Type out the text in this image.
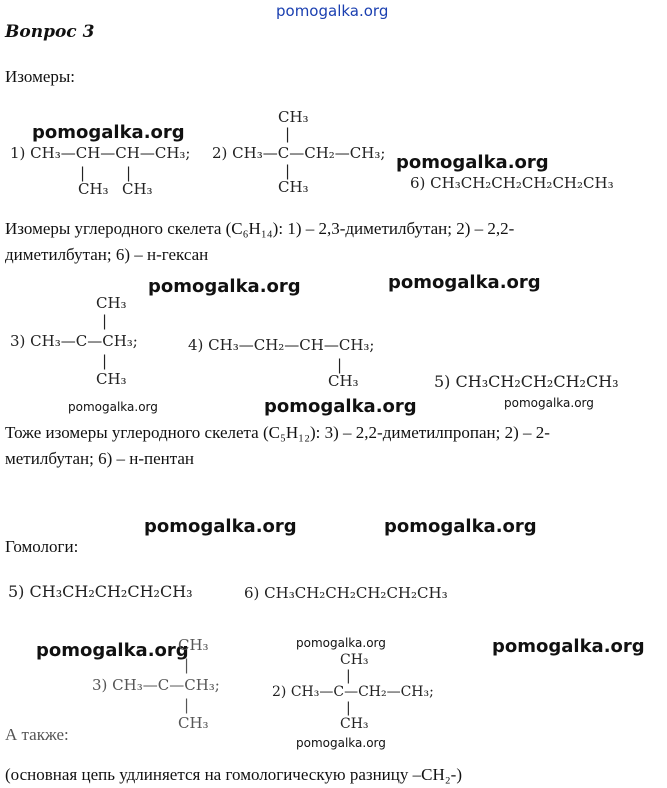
pomogalka.org
Вопрос 3
Изомеры:
pomogalka.org
1) CH₃—CH—CH—CH₃;
|	|
CH₃ CH₃
CH₃
|
2) CH₃—C—CH₂—CH₃;
|
CH₃
pomogalka.org
6) CH₃CH₂CH₂CH₂CH₂CH₃
Изомеры углеродного скелета (C₆H₁₄): 1) – 2,3-диметилбутан; 2) – 2,2-
диметилбутан; 6) – н-гексан
pomogalka.org	pomogalka.org
CH₃
|
3) CH₃—C—CH₃;
|
CH₃
4) CH₃—CH₂—CH—CH₃;
|
CH₃	5) CH₃CH₂CH₂CH₂CH₃
pomogalka.org	pomogalka.org	pomogalka.org
Тоже изомеры углеродного скелета (C₅H₁₂): 3) – 2,2-диметилпропан; 2) – 2-
метилбутан; 6) – н-пентан
pomogalka.org	pomogalka.org
Гомологи:
5) CH₃CH₂CH₂CH₂CH₃	6) CH₃CH₂CH₂CH₂CH₂CH₃
pomogalka.org	pomogalka.org	pomogalka.org
CH₃
|
3) CH₃—C—CH₃;
|
CH₃
CH₃
|
2) CH₃—C—CH₂—CH₃;
|
CH₃
А также:	pomogalka.org
(основная цепь удлиняется на гомологическую разницу –CH₂-)
